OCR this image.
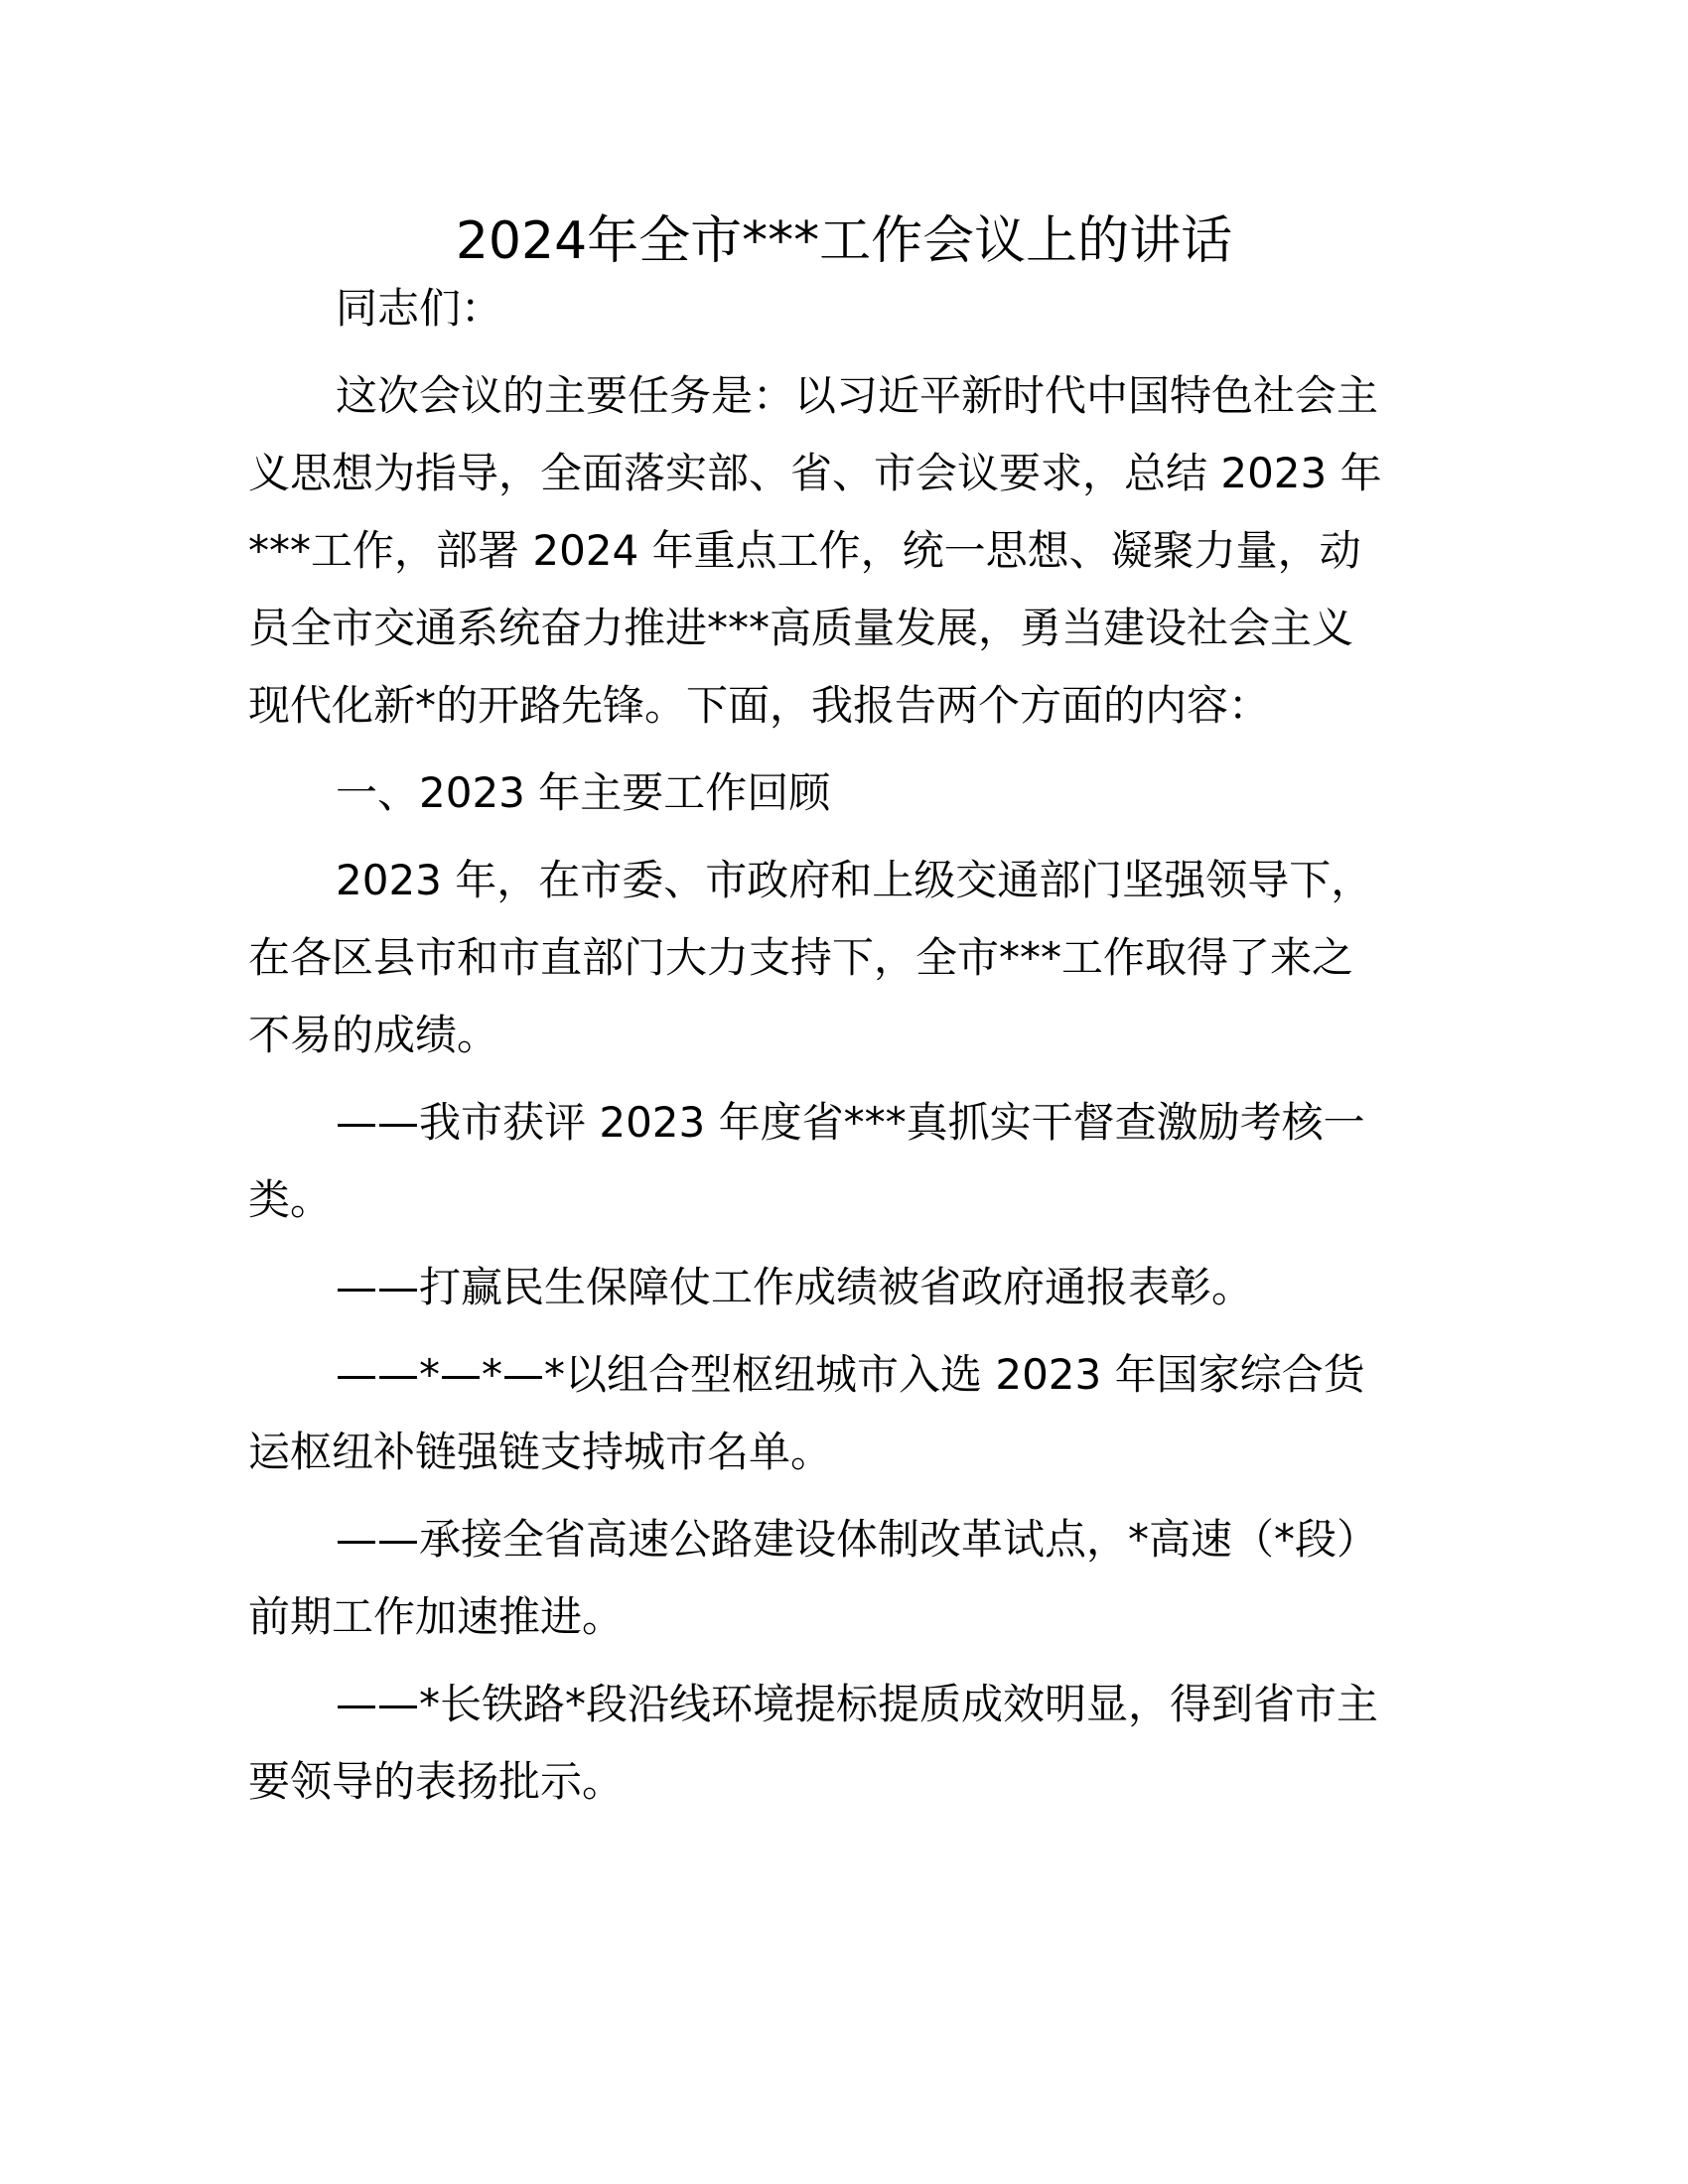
2024年全市***工作会议上的讲话
同志们：
这次会议的主要任务是：以习近平新时代中国特色社会主
义思想为指导，全面落实部、省、市会议要求，总结 2023 年
***工作，部署 2024 年重点工作，统一思想、凝聚力量，动
员全市交通系统奋力推进***高质量发展，勇当建设社会主义
现代化新*的开路先锋。下面，我报告两个方面的内容：
一、2023 年主要工作回顾
2023 年，在市委、市政府和上级交通部门坚强领导下，
在各区县市和市直部门大力支持下，全市***工作取得了来之
不易的成绩。
——我市获评 2023 年度省***真抓实干督查激励考核一
类。
——打赢民生保障仗工作成绩被省政府通报表彰。
——*—*—*以组合型枢纽城市入选 2023 年国家综合货
运枢纽补链强链支持城市名单。
——承接全省高速公路建设体制改革试点，*高速（*段）
前期工作加速推进。
——*长铁路*段沿线环境提标提质成效明显，得到省市主
要领导的表扬批示。
